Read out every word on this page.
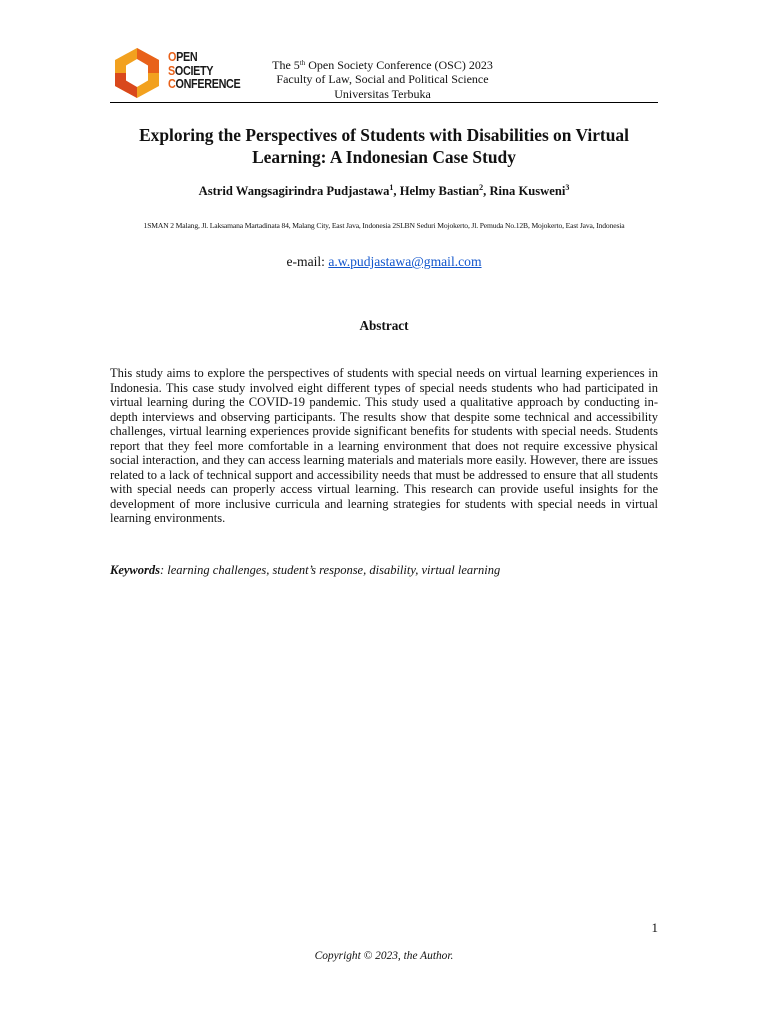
OPEN
SOCIETY
CONFERENCE
The 5th Open Society Conference (OSC) 2023
Faculty of Law, Social and Political Science
Universitas Terbuka
Exploring the Perspectives of Students with Disabilities on Virtual Learning: A Indonesian Case Study
Astrid Wangsagirindra Pudjastawa$^1$, Helmy Bastian$^2$, Rina Kusweni$^3$
1SMAN 2 Malang, Jl. Laksamana Martadinata 84, Malang City, East Java, Indonesia 2SLBN Seduri Mojokerto, Jl. Pemuda No.12B, Mojokerto, East Java, Indonesia
e-mail: a.w.pudjastawa@gmail.com
Abstract
This study aims to explore the perspectives of students with special needs on virtual learning experiences in Indonesia. This case study involved eight different types of special needs students who had participated in virtual learning during the COVID-19 pandemic. This study used a qualitative approach by conducting in-depth interviews and observing participants. The results show that despite some technical and accessibility challenges, virtual learning experiences provide significant benefits for students with special needs. Students report that they feel more comfortable in a learning environment that does not require excessive physical social interaction, and they can access learning materials and materials more easily. However, there are issues related to a lack of technical support and accessibility needs that must be addressed to ensure that all students with special needs can properly access virtual learning. This research can provide useful insights for the development of more inclusive curricula and learning strategies for students with special needs in virtual learning environments.
Keywords: learning challenges, student’s response, disability, virtual learning
1
Copyright © 2023, the Author.
